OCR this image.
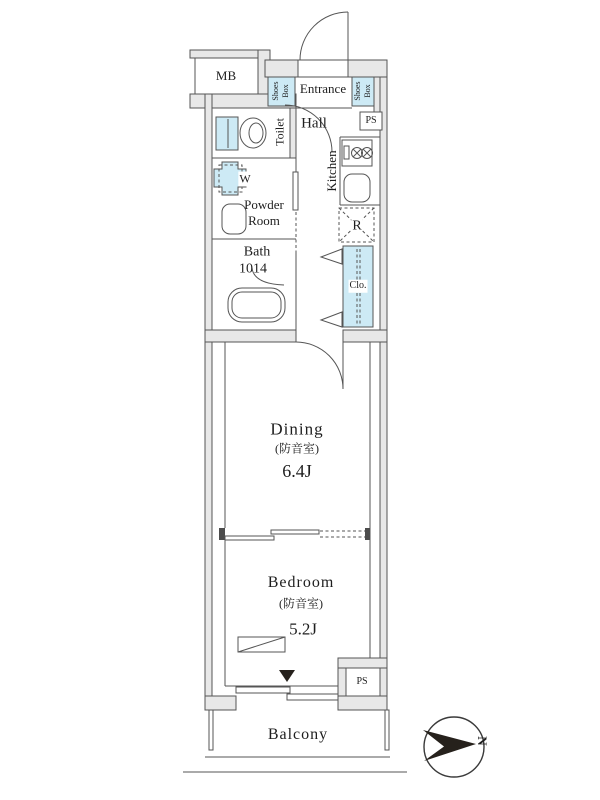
MB
Shoes Box Entrance Shoes Box
PS
Toilet Hall
Kitchen
W
Powder
Room
Bath
1014
R
Clo.
Dining
(防音室)
6.4J
Bedroom
(防音室)
5.2J
PS
Balcony	N
